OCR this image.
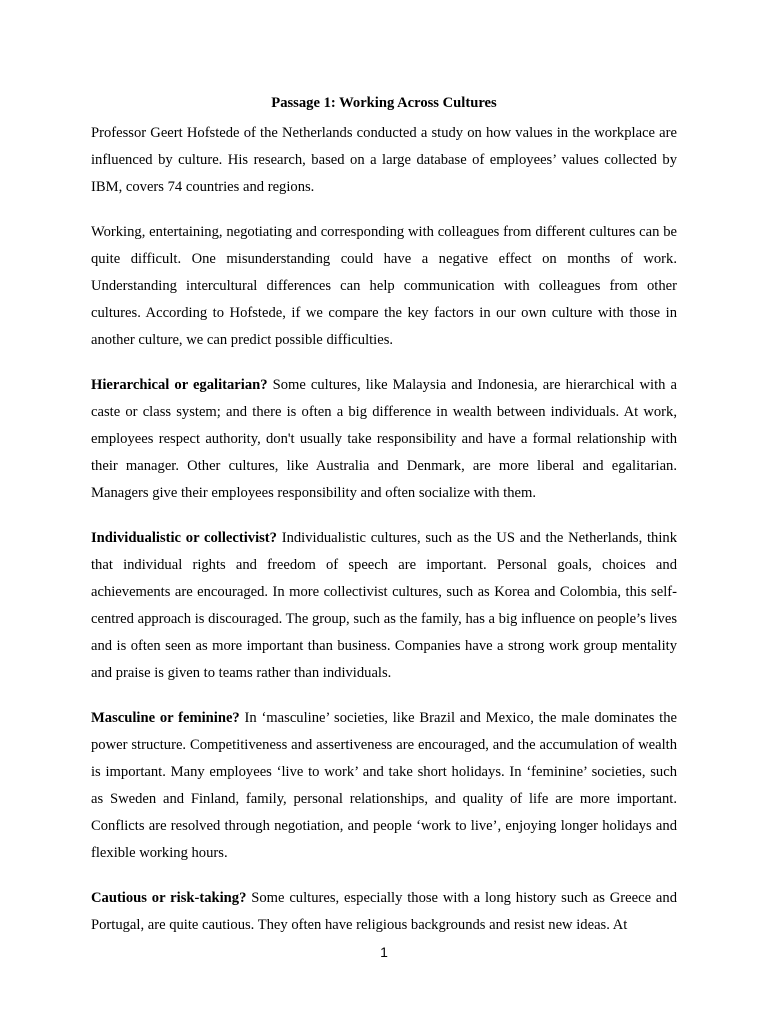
Passage 1: Working Across Cultures

Professor Geert Hofstede of the Netherlands conducted a study on how values in the workplace are influenced by culture. His research, based on a large database of employees’ values collected by IBM, covers 74 countries and regions.

Working, entertaining, negotiating and corresponding with colleagues from different cultures can be quite difficult. One misunderstanding could have a negative effect on months of work. Understanding intercultural differences can help communication with colleagues from other cultures. According to Hofstede, if we compare the key factors in our own culture with those in another culture, we can predict possible difficulties.

Hierarchical or egalitarian? Some cultures, like Malaysia and Indonesia, are hierarchical with a caste or class system; and there is often a big difference in wealth between individuals. At work, employees respect authority, don't usually take responsibility and have a formal relationship with their manager. Other cultures, like Australia and Denmark, are more liberal and egalitarian. Managers give their employees responsibility and often socialize with them.

Individualistic or collectivist? Individualistic cultures, such as the US and the Netherlands, think that individual rights and freedom of speech are important. Personal goals, choices and achievements are encouraged. In more collectivist cultures, such as Korea and Colombia, this self-centred approach is discouraged. The group, such as the family, has a big influence on people’s lives and is often seen as more important than business. Companies have a strong work group mentality and praise is given to teams rather than individuals.

Masculine or feminine? In ‘masculine’ societies, like Brazil and Mexico, the male dominates the power structure. Competitiveness and assertiveness are encouraged, and the accumulation of wealth is important. Many employees ‘live to work’ and take short holidays. In ‘feminine’ societies, such as Sweden and Finland, family, personal relationships, and quality of life are more important. Conflicts are resolved through negotiation, and people ‘work to live’, enjoying longer holidays and flexible working hours.

Cautious or risk-taking? Some cultures, especially those with a long history such as Greece and Portugal, are quite cautious. They often have religious backgrounds and resist new ideas. At

1
